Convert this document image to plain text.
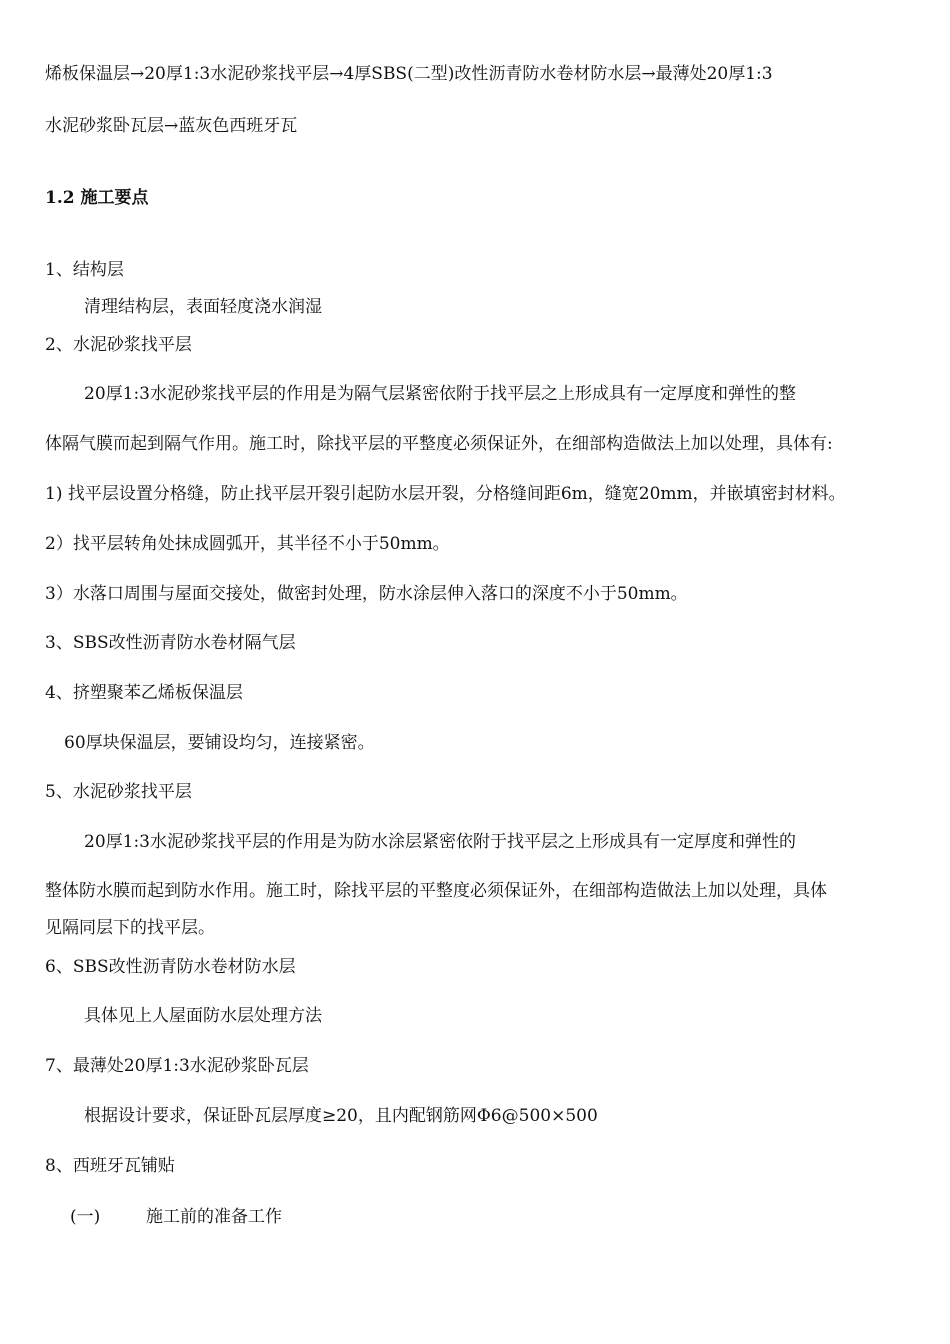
烯板保温层→20厚1:3水泥砂浆找平层→4厚SBS(二型)改性沥青防水卷材防水层→最薄处20厚1:3
水泥砂浆卧瓦层→蓝灰色西班牙瓦
1.2 施工要点
1、结构层
清理结构层，表面轻度浇水润湿
2、水泥砂浆找平层
20厚1:3水泥砂浆找平层的作用是为隔气层紧密依附于找平层之上形成具有一定厚度和弹性的整
体隔气膜而起到隔气作用。施工时，除找平层的平整度必须保证外，在细部构造做法上加以处理，具体有:
1) 找平层设置分格缝，防止找平层开裂引起防水层开裂，分格缝间距6m，缝宽20mm，并嵌填密封材料。
2）找平层转角处抹成圆弧开，其半径不小于50mm。
3）水落口周围与屋面交接处，做密封处理，防水涂层伸入落口的深度不小于50mm。
3、SBS改性沥青防水卷材隔气层
4、挤塑聚苯乙烯板保温层
60厚块保温层，要铺设均匀，连接紧密。
5、水泥砂浆找平层
20厚1:3水泥砂浆找平层的作用是为防水涂层紧密依附于找平层之上形成具有一定厚度和弹性的
整体防水膜而起到防水作用。施工时，除找平层的平整度必须保证外，在细部构造做法上加以处理，具体
见隔同层下的找平层。
6、SBS改性沥青防水卷材防水层
具体见上人屋面防水层处理方法
7、最薄处20厚1:3水泥砂浆卧瓦层
根据设计要求，保证卧瓦层厚度≥20，且内配钢筋网Φ6@500×500
8、西班牙瓦铺贴
(一)	施工前的准备工作
